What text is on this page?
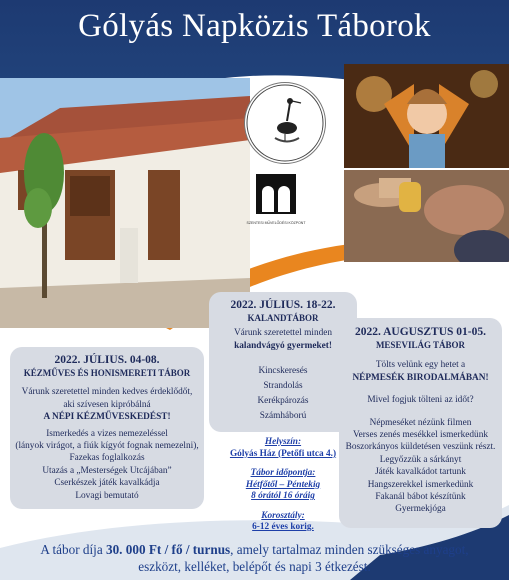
Gólyás Napközis Táborok
SZENTESI MŰVELŐDÉSI KÖZPONT
2022. JÚLIUS. 04-08.
KÉZMŰVES ÉS HONISMERETI TÁBOR
Várunk szeretettel minden kedves érdeklődőt,
aki szívesen kipróbálná
A NÉPI KÉZMŰVESKEDÉST!
Ismerkedés a vizes nemezeléssel
(lányok virágot, a fiúk kígyót fognak nemezelni),
Fazekas foglalkozás
Utazás a „Mesterségek Utcájában”
Cserkészek játék kavalkádja
Lovagi bemutató
2022. JÚLIUS. 18-22.
KALANDTÁBOR
Várunk szeretettel minden
kalandvágyó gyermeket!
Kincskeresés
Strandolás
Kerékpározás
Számháború
Helyszín:
Gólyás Ház (Petőfi utca 4.)
Tábor időpontja:
Hétfőtől – Péntekig
8 órától 16 óráig
Korosztály:
6-12 éves korig.
2022. AUGUSZTUS 01-05.
MESEVILÁG TÁBOR
Tölts velünk egy hetet a
NÉPMESÉK BIRODALMÁBAN!
Mivel fogjuk tölteni az időt?
Népmeséket nézünk filmen
Verses zenés mesékkel ismerkedünk
Boszorkányos küldetésen veszünk részt.
Legyőzzük a sárkányt
Játék kavalkádot tartunk
Hangszerekkel ismerkedünk
Fakanál bábot készítünk
Gyermekjóga
A tábor díja 30. 000 Ft / fő / turnus, amely tartalmaz minden szükséges anyagot,
eszközt, kelléket, belépőt és napi 3 étkezést.
